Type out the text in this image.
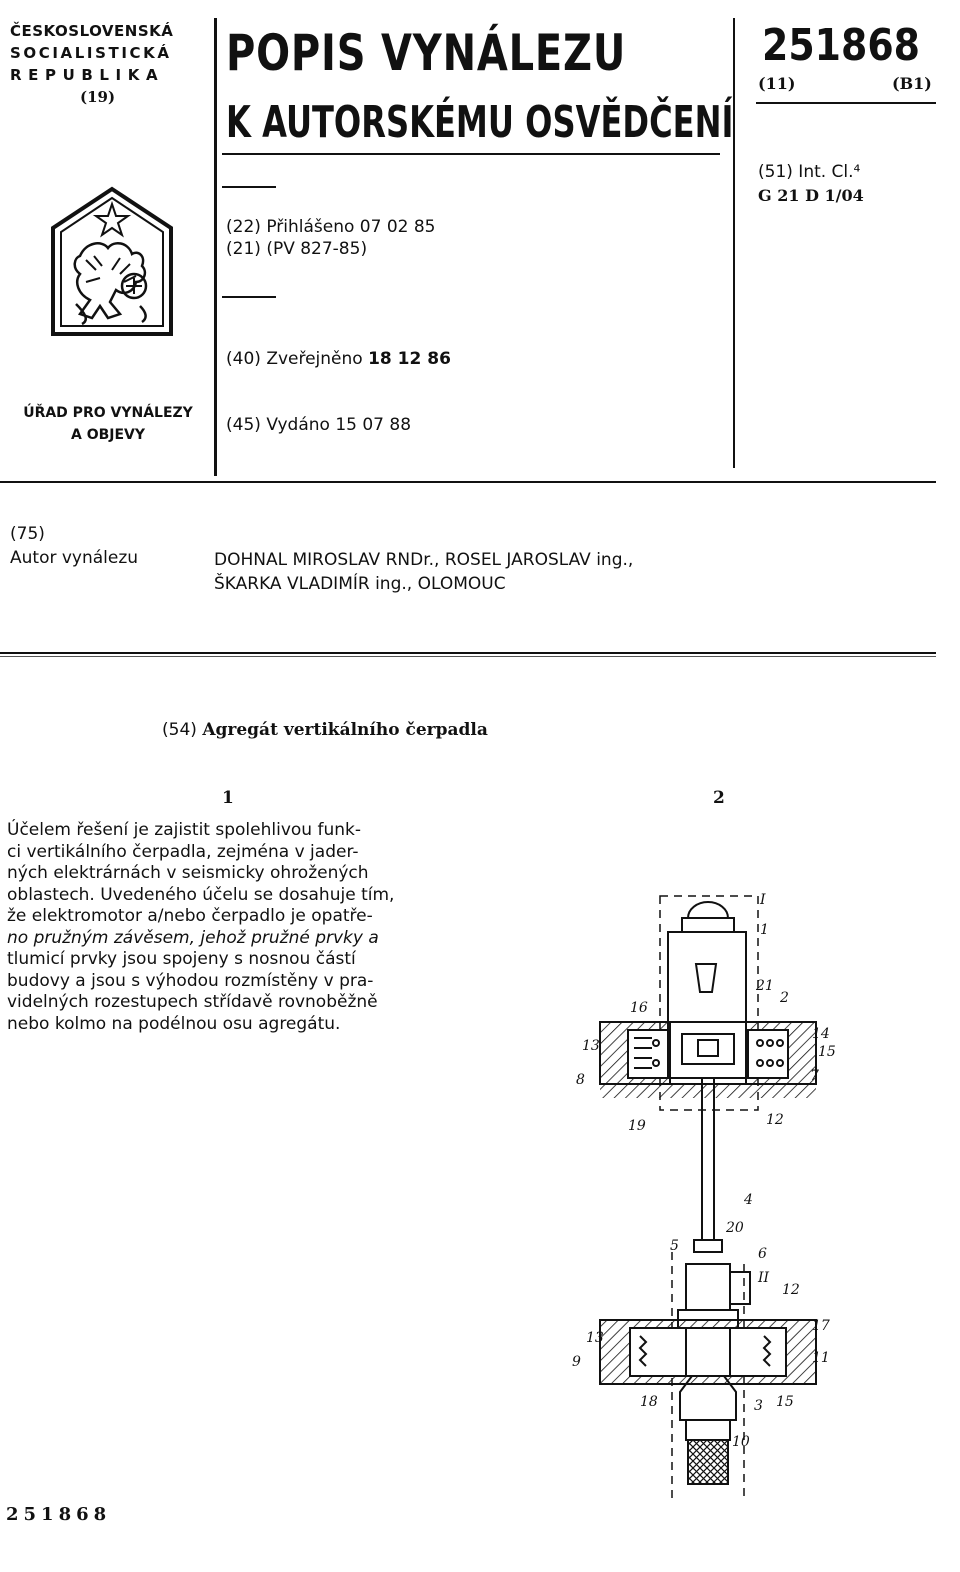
ČESKOSLOVENSKÁ
SOCIALISTICKÁ
REPUBLIKA
(19)
ÚŘAD PRO VYNÁLEZY
A OBJEVY
POPIS VYNÁLEZU
K AUTORSKÉMU OSVĚDČENÍ
(22) Přihlášeno 07 02 85
(21) (PV 827-85)
(40) Zveřejněno 18 12 86
(45) Vydáno 15 07 88
251868
(11)	(B1)
(51) Int. Cl.⁴
G 21 D 1/04
(75)
Autor vynálezu	DOHNAL MIROSLAV RNDr., ROSEL JAROSLAV ing.,
ŠKARKA VLADIMÍR ing., OLOMOUC
(54) Agregát vertikálního čerpadla
1	2
Účelem řešení je zajistit spolehlivou funk-
ci vertikálního čerpadla, zejména v jader-
ných elektrárnách v seismicky ohrožených
oblastech. Uvedeného účelu se dosahuje tím,
že elektromotor a/nebo čerpadlo je opatře-
no pružným závěsem, jehož pružné prvky a
tlumicí prvky jsou spojeny s nosnou částí
budovy a jsou s výhodou rozmístěny v pra-
videlných rozestupech střídavě rovnoběžně
nebo kolmo na podélnou osu agregátu.
I
1
21
2
16
14
15
7
13
8
12
19
4
20
5	6
II
12
17
11
13
9
18	3 15
10
251868
